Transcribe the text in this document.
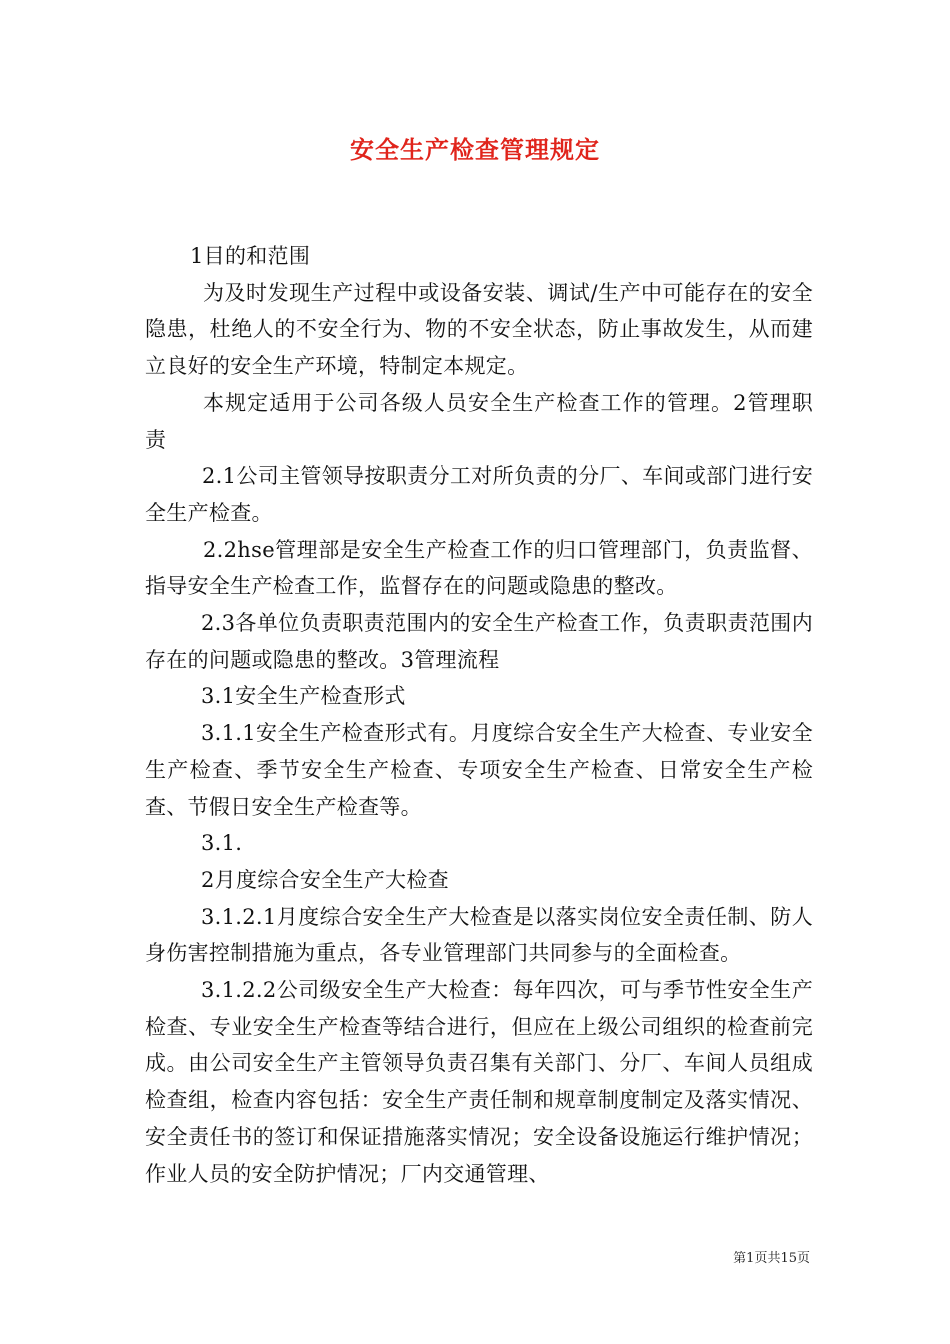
安全生产检查管理规定

1目的和范围

为及时发现生产过程中或设备安装、调试/生产中可能存在的安全隐患，杜绝人的不安全行为、物的不安全状态，防止事故发生，从而建立良好的安全生产环境，特制定本规定。

本规定适用于公司各级人员安全生产检查工作的管理。2管理职责

2.1公司主管领导按职责分工对所负责的分厂、车间或部门进行安全生产检查。

2.2hse管理部是安全生产检查工作的归口管理部门，负责监督、指导安全生产检查工作，监督存在的问题或隐患的整改。

2.3各单位负责职责范围内的安全生产检查工作，负责职责范围内存在的问题或隐患的整改。3管理流程

3.1安全生产检查形式

3.1.1安全生产检查形式有。月度综合安全生产大检查、专业安全生产检查、季节安全生产检查、专项安全生产检查、日常安全生产检查、节假日安全生产检查等。

3.1.

2月度综合安全生产大检查

3.1.2.1月度综合安全生产大检查是以落实岗位安全责任制、防人身伤害控制措施为重点，各专业管理部门共同参与的全面检查。

3.1.2.2公司级安全生产大检查：每年四次，可与季节性安全生产检查、专业安全生产检查等结合进行，但应在上级公司组织的检查前完成。由公司安全生产主管领导负责召集有关部门、分厂、车间人员组成检查组，检查内容包括：安全生产责任制和规章制度制定及落实情况、安全责任书的签订和保证措施落实情况；安全设备设施运行维护情况；作业人员的安全防护情况；厂内交通管理、

第1页共15页
